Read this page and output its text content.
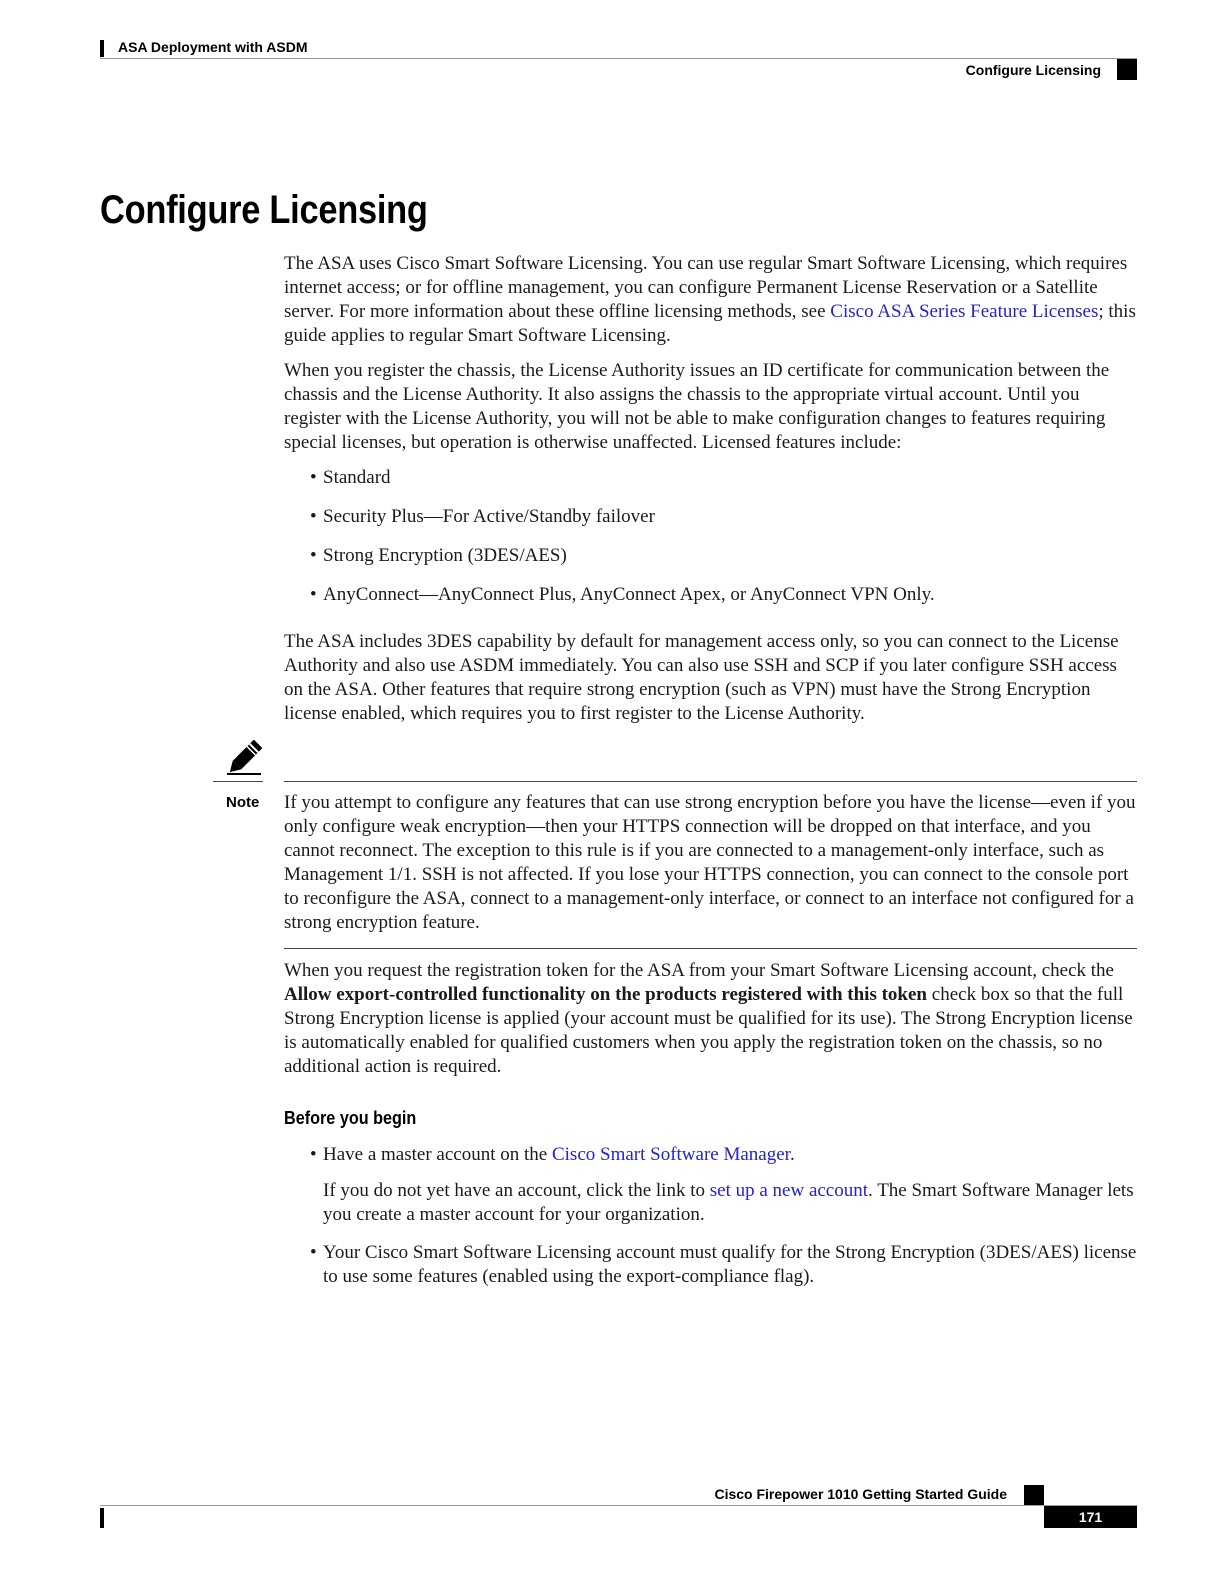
ASA Deployment with ASDM
Configure Licensing
Configure Licensing

The ASA uses Cisco Smart Software Licensing. You can use regular Smart Software Licensing, which requires internet access; or for offline management, you can configure Permanent License Reservation or a Satellite server. For more information about these offline licensing methods, see Cisco ASA Series Feature Licenses; this guide applies to regular Smart Software Licensing.

When you register the chassis, the License Authority issues an ID certificate for communication between the chassis and the License Authority. It also assigns the chassis to the appropriate virtual account. Until you register with the License Authority, you will not be able to make configuration changes to features requiring special licenses, but operation is otherwise unaffected. Licensed features include:

• Standard
• Security Plus—For Active/Standby failover
• Strong Encryption (3DES/AES)
• AnyConnect—AnyConnect Plus, AnyConnect Apex, or AnyConnect VPN Only.

The ASA includes 3DES capability by default for management access only, so you can connect to the License Authority and also use ASDM immediately. You can also use SSH and SCP if you later configure SSH access on the ASA. Other features that require strong encryption (such as VPN) must have the Strong Encryption license enabled, which requires you to first register to the License Authority.

Note If you attempt to configure any features that can use strong encryption before you have the license—even if you only configure weak encryption—then your HTTPS connection will be dropped on that interface, and you cannot reconnect. The exception to this rule is if you are connected to a management-only interface, such as Management 1/1. SSH is not affected. If you lose your HTTPS connection, you can connect to the console port to reconfigure the ASA, connect to a management-only interface, or connect to an interface not configured for a strong encryption feature.

When you request the registration token for the ASA from your Smart Software Licensing account, check the Allow export-controlled functionality on the products registered with this token check box so that the full Strong Encryption license is applied (your account must be qualified for its use). The Strong Encryption license is automatically enabled for qualified customers when you apply the registration token on the chassis, so no additional action is required.

Before you begin
• Have a master account on the Cisco Smart Software Manager.

If you do not yet have an account, click the link to set up a new account. The Smart Software Manager lets you create a master account for your organization.

• Your Cisco Smart Software Licensing account must qualify for the Strong Encryption (3DES/AES) license to use some features (enabled using the export-compliance flag).
Cisco Firepower 1010 Getting Started Guide
171
